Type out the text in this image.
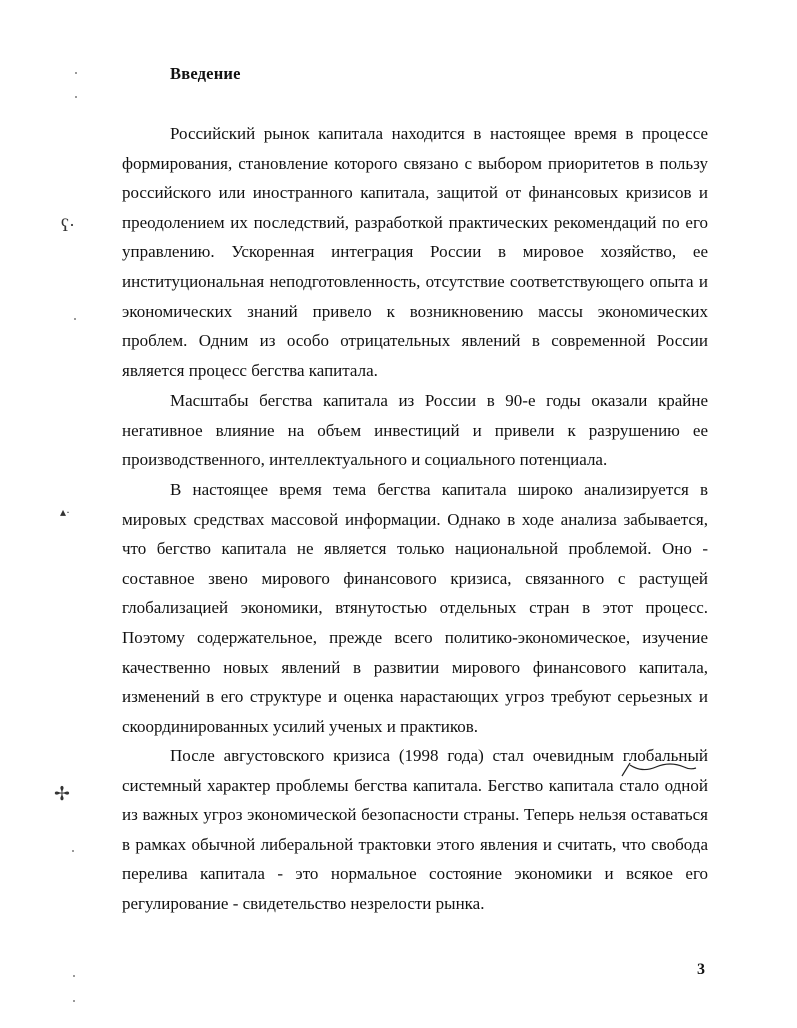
Введение

Российский рынок капитала находится в настоящее время в процессе формирования, становление которого связано с выбором приоритетов в пользу российского или иностранного капитала, защитой от финансовых кризисов и преодолением их последствий, разработкой практических рекомендаций по его управлению. Ускоренная интеграция России в мировое хозяйство, ее институциональная неподготовленность, отсутствие соответствующего опыта и экономических знаний привело к возникновению массы экономических проблем. Одним из особо отрицательных явлений в современной России является процесс бегства капитала.

Масштабы бегства капитала из России в 90-е годы оказали крайне негативное влияние на объем инвестиций и привели к разрушению ее производственного, интеллектуального и социального потенциала.

В настоящее время тема бегства капитала широко анализируется в мировых средствах массовой информации. Однако в ходе анализа забывается, что бегство капитала не является только национальной проблемой. Оно - составное звено мирового финансового кризиса, связанного с растущей глобализацией экономики, втянутостью отдельных стран в этот процесс. Поэтому содержательное, прежде всего политико-экономическое, изучение качественно новых явлений в развитии мирового финансового капитала, изменений в его структуре и оценка нарастающих угроз требуют серьезных и скоординированных усилий ученых и практиков.

После августовского кризиса (1998 года) стал очевидным глобальный системный характер проблемы бегства капитала. Бегство капитала стало одной из важных угроз экономической безопасности страны. Теперь нельзя оставаться в рамках обычной либеральной трактовки этого явления и считать, что свобода перелива капитала - это нормальное состояние экономики и всякое его регулирование - свидетельство незрелости рынка.

3
ʕ·
▴·
✢
